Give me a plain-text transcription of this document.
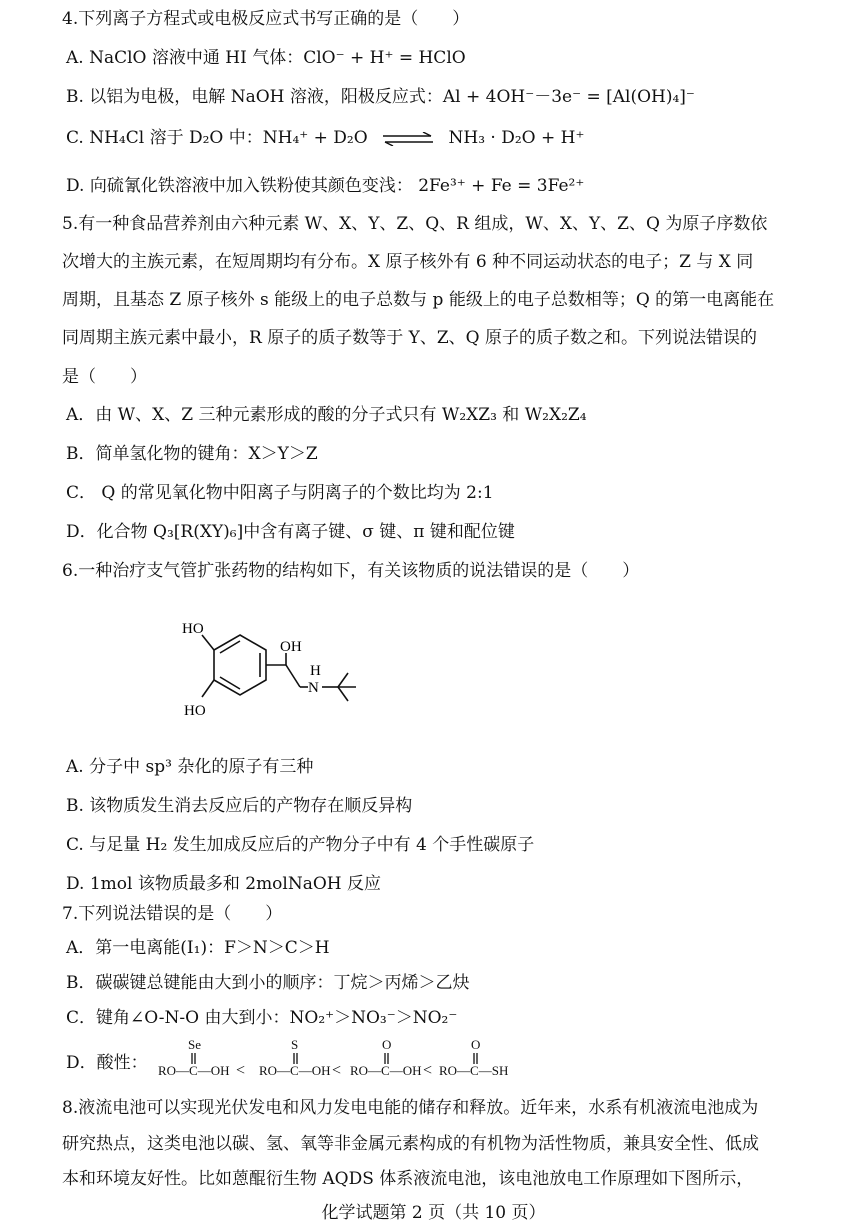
4.下列离子方程式或电极反应式书写正确的是（　　）
A. NaClO 溶液中通 HI 气体：ClO⁻ + H⁺ = HClO
B. 以铝为电极，电解 NaOH 溶液，阳极反应式：Al + 4OH⁻－3e⁻ = [Al(OH)₄]⁻
C. NH₄Cl 溶于 D₂O 中：NH₄⁺ + D₂O ⇌ NH₃ · D₂O + H⁺
D. 向硫氰化铁溶液中加入铁粉使其颜色变浅： 2Fe³⁺ + Fe = 3Fe²⁺
5.有一种食品营养剂由六种元素 W、X、Y、Z、Q、R 组成，W、X、Y、Z、Q 为原子序数依
次增大的主族元素，在短周期均有分布。X 原子核外有 6 种不同运动状态的电子；Z 与 X 同
周期，且基态 Z 原子核外 s 能级上的电子总数与 p 能级上的电子总数相等；Q 的第一电离能在
同周期主族元素中最小，R 原子的质子数等于 Y、Z、Q 原子的质子数之和。下列说法错误的
是（　　）
A．由 W、X、Z 三种元素形成的酸的分子式只有 W₂XZ₃ 和 W₂X₂Z₄
B．简单氢化物的键角：X＞Y＞Z
C． Q 的常见氧化物中阳离子与阴离子的个数比均为 2:1
D．化合物 Q₃[R(XY)₆]中含有离子键、σ 键、π 键和配位键
6.一种治疗支气管扩张药物的结构如下，有关该物质的说法错误的是（　　）
HO
HO
OH
H
N
A. 分子中 sp³ 杂化的原子有三种
B. 该物质发生消去反应后的产物存在顺反异构
C. 与足量 H₂ 发生加成反应后的产物分子中有 4 个手性碳原子
D. 1mol 该物质最多和 2molNaOH 反应
7.下列说法错误的是（　　）
A．第一电离能(I₁)：F＞N＞C＞H
B．碳碳键总键能由大到小的顺序：丁烷＞丙烯＞乙炔
C．键角∠O-N-O 由大到小：NO₂⁺＞NO₃⁻＞NO₂⁻
D．酸性： RO—C—OH
Se
< RO—C—OH
S
< RO—C—OH
O
< RO—C—SH
O
8.液流电池可以实现光伏发电和风力发电电能的储存和释放。近年来，水系有机液流电池成为
研究热点，这类电池以碳、氢、氧等非金属元素构成的有机物为活性物质，兼具安全性、低成
本和环境友好性。比如蒽醌衍生物 AQDS 体系液流电池，该电池放电工作原理如下图所示，
化学试题第 2 页（共 10 页）
